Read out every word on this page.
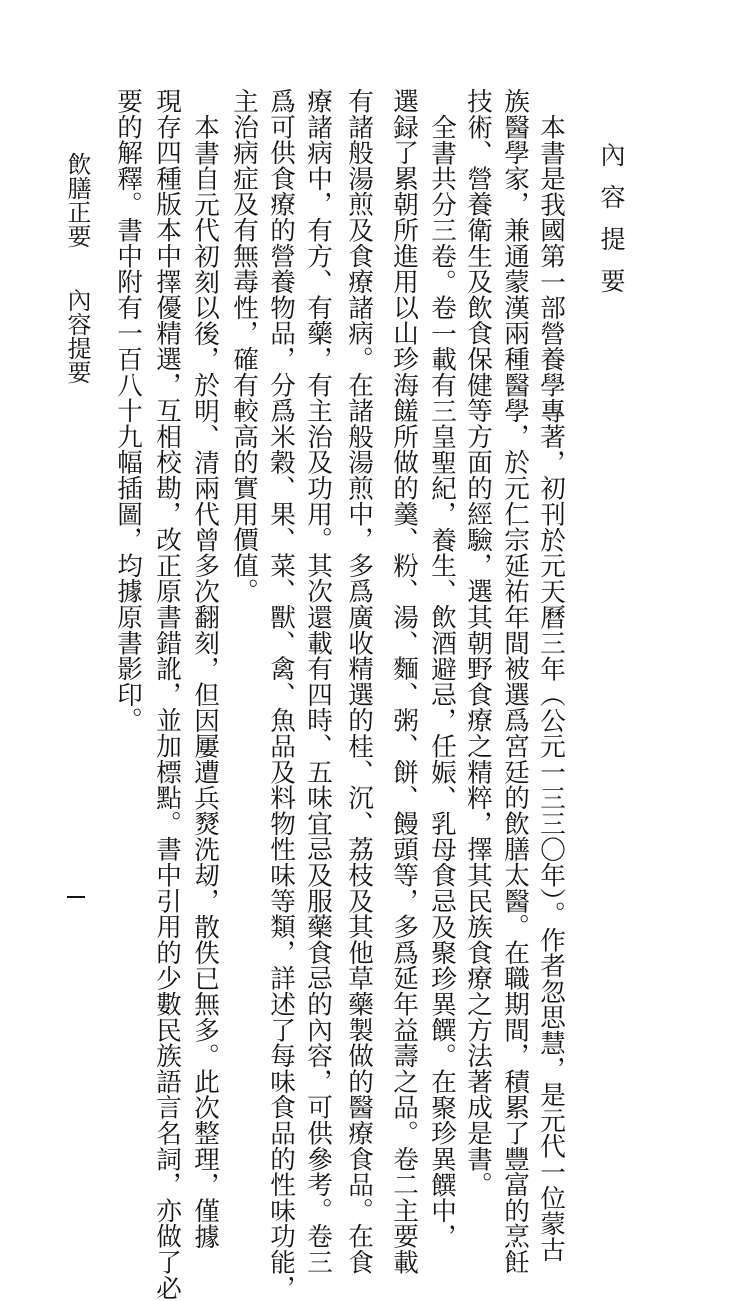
內容提要
本書是我國第一部營養學專著，初刊於元天曆三年（公元一三三〇年）。作者忽思慧，是元代一位蒙古
族醫學家，兼通蒙漢兩種醫學，於元仁宗延祐年間被選爲宮廷的飲膳太醫。在職期間，積累了豐富的烹飪
技術、營養衛生及飲食保健等方面的經驗，選其朝野食療之精粹，擇其民族食療之方法著成是書。
全書共分三卷。卷一載有三皇聖紀，養生、飲酒避忌，任娠、乳母食忌及聚珍異饌。在聚珍異饌中，
選録了累朝所進用以山珍海饈所做的羹、粉、湯、麵、粥、餅、饅頭等，多爲延年益壽之品。卷二主要載
有諸般湯煎及食療諸病。在諸般湯煎中，多爲廣收精選的桂、沉、荔枝及其他草藥製做的醫療食品。在食
療諸病中，有方、有藥，有主治及功用。其次還載有四時、五味宜忌及服藥食忌的內容，可供參考。卷三
爲可供食療的營養物品，分爲米穀、果、菜、獸、禽、魚品及料物性味等類，詳述了每味食品的性味功能，
主治病症及有無毒性，確有較高的實用價值。
本書自元代初刻以後，於明、清兩代曾多次翻刻，但因屢遭兵燹洗刼，散佚已無多。此次整理，僅據
現存四種版本中擇優精選，互相校勘，改正原書錯訛，並加標點。書中引用的少數民族語言名詞，亦做了必
要的解釋。書中附有一百八十九幅插圖，均據原書影印。
飲膳正要內容提要
